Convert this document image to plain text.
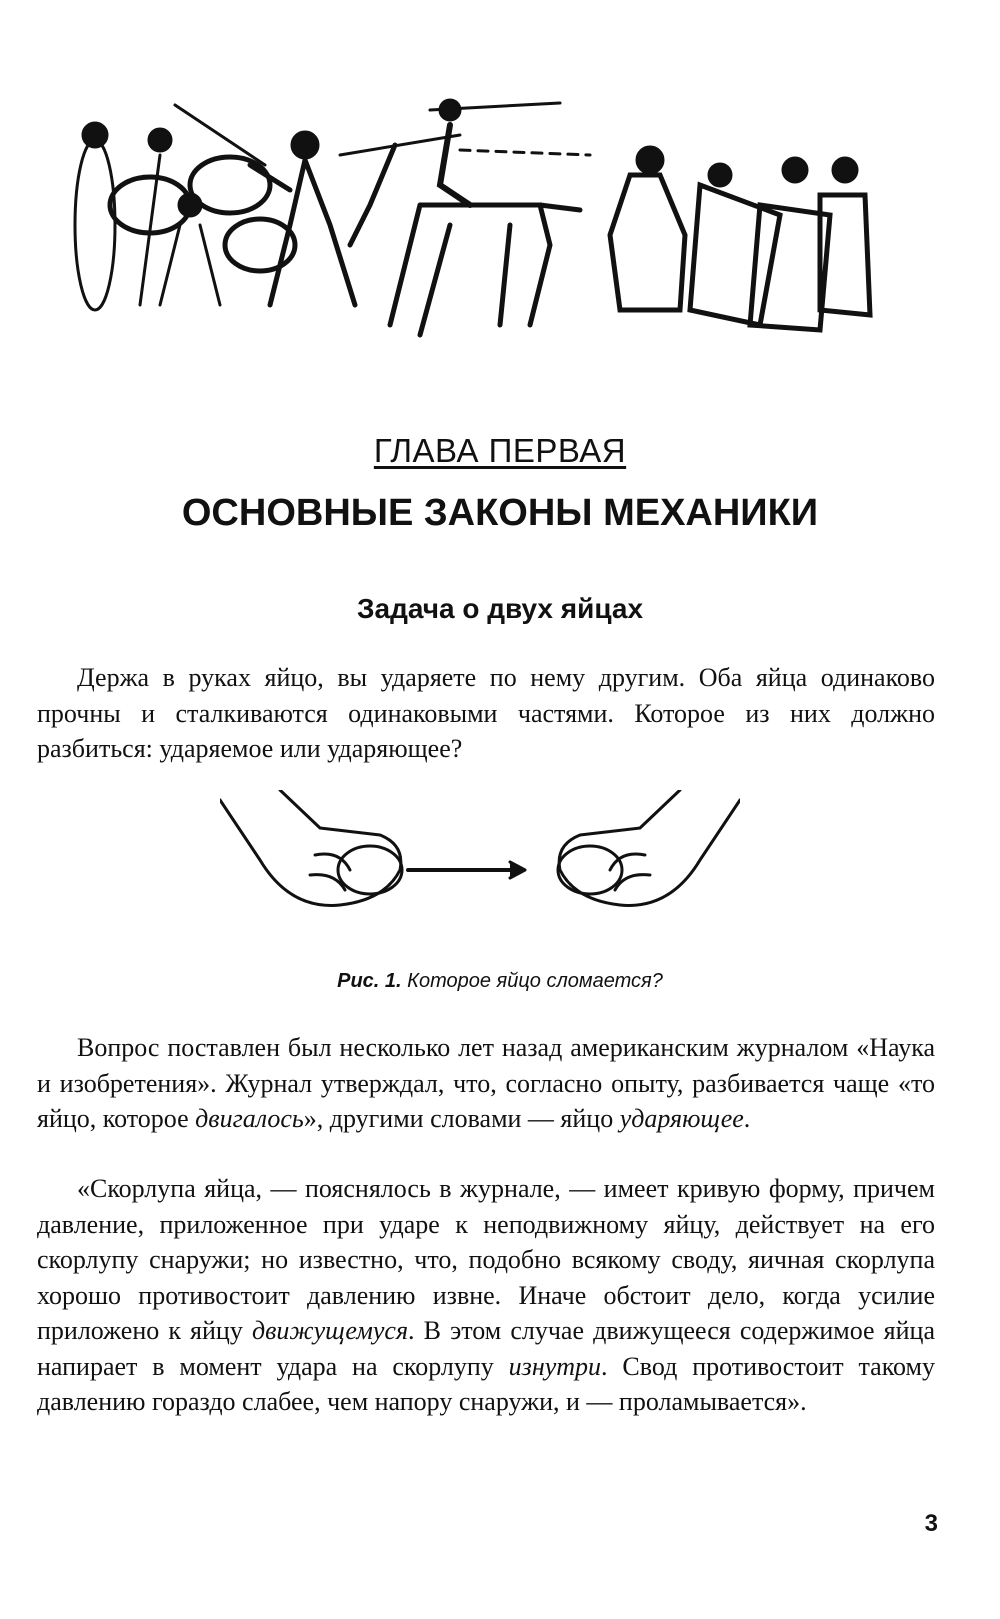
ГЛАВА ПЕРВАЯ
ОСНОВНЫЕ ЗАКОНЫ МЕХАНИКИ
Задача о двух яйцах

Держа в руках яйцо, вы ударяете по нему другим. Оба яйца одинаково прочны и сталкиваются одинаковыми частями. Которое из них должно разбиться: ударяемое или ударяющее?

Рис. 1. Которое яйцо сломается?

Вопрос поставлен был несколько лет назад американским журналом «Наука и изобретения». Журнал утверждал, что, согласно опыту, разбивается чаще «то яйцо, которое двигалось», другими словами — яйцо ударяющее.

«Скорлупа яйца, — пояснялось в журнале, — имеет кривую форму, причем давление, приложенное при ударе к неподвижному яйцу, действует на его скорлупу снаружи; но известно, что, подобно всякому своду, яичная скорлупа хорошо противостоит давлению извне. Иначе обстоит дело, когда усилие приложено к яйцу движущемуся. В этом случае движущееся содержимое яйца напирает в момент удара на скорлупу изнутри. Свод противостоит такому давлению гораздо слабее, чем напору снаружи, и — проламывается».

3
